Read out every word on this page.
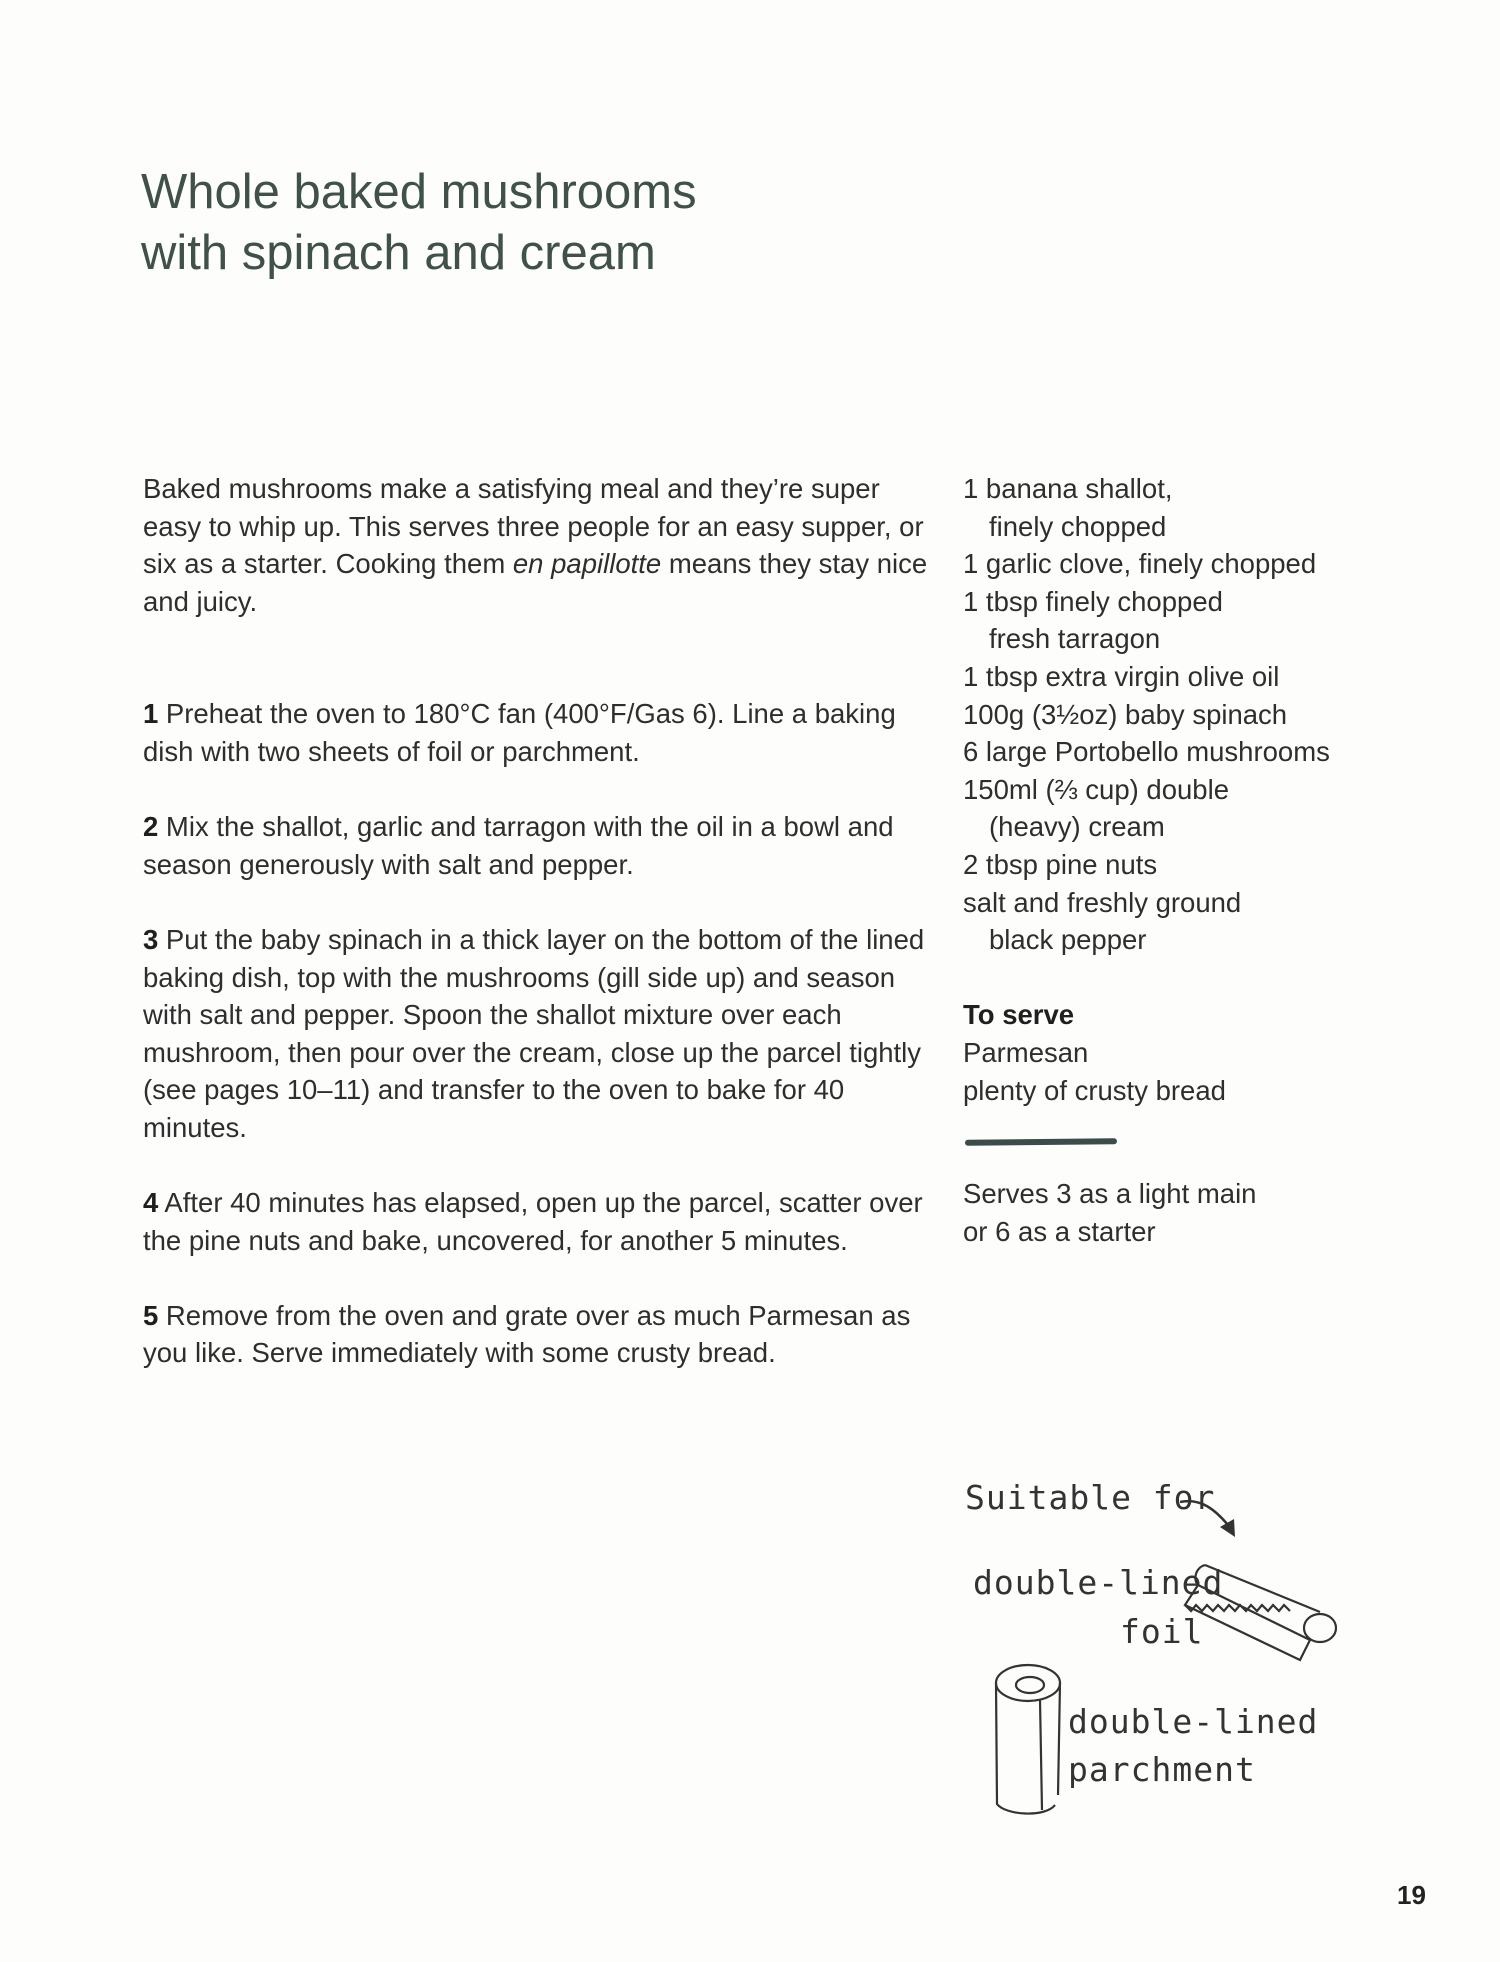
Whole baked mushrooms
with spinach and cream

Baked mushrooms make a satisfying meal and they’re super easy to whip up. This serves three people for an easy supper, or six as a starter. Cooking them en papillotte means they stay nice and juicy.

1 Preheat the oven to 180°C fan (400°F/Gas 6). Line a baking dish with two sheets of foil or parchment.

2 Mix the shallot, garlic and tarragon with the oil in a bowl and season generously with salt and pepper.

3 Put the baby spinach in a thick layer on the bottom of the lined baking dish, top with the mushrooms (gill side up) and season with salt and pepper. Spoon the shallot mixture over each mushroom, then pour over the cream, close up the parcel tightly (see pages 10–11) and transfer to the oven to bake for 40 minutes.

4 After 40 minutes has elapsed, open up the parcel, scatter over the pine nuts and bake, uncovered, for another 5 minutes.

5 Remove from the oven and grate over as much Parmesan as you like. Serve immediately with some crusty bread.

1 banana shallot,
finely chopped
1 garlic clove, finely chopped
1 tbsp finely chopped
fresh tarragon
1 tbsp extra virgin olive oil
100g (3½oz) baby spinach
6 large Portobello mushrooms
150ml (⅔ cup) double
(heavy) cream
2 tbsp pine nuts
salt and freshly ground
black pepper
To serve
Parmesan
plenty of crusty bread
Serves 3 as a light main
or 6 as a starter
Suitable for
double-lined
foil
double-lined
parchment
19
